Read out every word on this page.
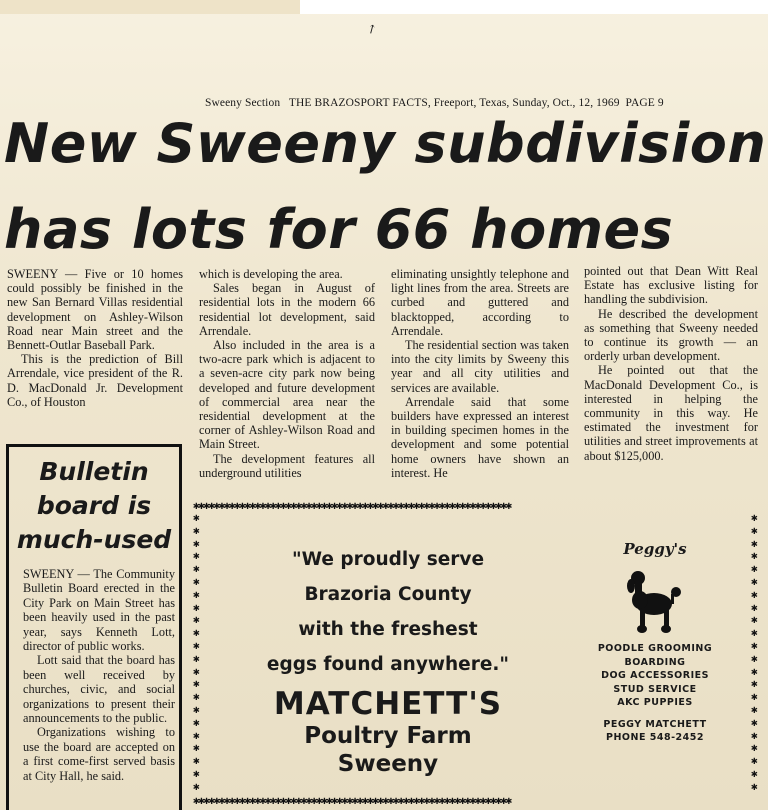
↗
Sweeny Section THE BRAZOSPORT FACTS, Freeport, Texas, Sunday, Oct., 12, 1969 PAGE 9
New Sweeny subdivision
has lots for 66 homes

SWEENY — Five or 10 homes could possibly be finished in the new San Bernard Villas residential development on Ashley-Wilson Road near Main street and the Bennett-Outlar Baseball Park.

This is the prediction of Bill Arrendale, vice president of the R. D. MacDonald Jr. Development Co., of Houston

which is developing the area.

Sales began in August of residential lots in the modern 66 residential lot development, said Arrendale.

Also included in the area is a two-acre park which is adjacent to a seven-acre city park now being developed and future development of commercial area near the residential development at the corner of Ashley-Wilson Road and Main Street.

The development features all underground utilities

eliminating unsightly telephone and light lines from the area. Streets are curbed and guttered and blacktopped, according to Arrendale.

The residential section was taken into the city limits by Sweeny this year and all city utilities and services are available.

Arrendale said that some builders have expressed an interest in building specimen homes in the development and some potential home owners have shown an interest. He

pointed out that Dean Witt Real Estate has exclusive listing for handling the subdivision.

He described the development as something that Sweeny needed to continue its growth — an orderly urban development.

He pointed out that the MacDonald Development Co., is interested in helping the community in this way. He estimated the investment for utilities and street improvements at about $125,000.

Bulletin
board is
much-used

SWEENY — The Community Bulletin Board erected in the City Park on Main Street has been heavily used in the past year, says Kenneth Lott, director of public works.

Lott said that the board has been well received by churches, civic, and social organizations to present their announcements to the public.

Organizations wishing to use the board are accepted on a first come-first served basis at City Hall, he said.

✱✱✱✱✱✱✱✱✱✱✱✱✱✱✱✱✱✱✱✱✱✱✱✱✱✱✱✱✱✱✱✱✱✱✱✱✱✱✱✱✱✱✱✱✱✱✱✱✱✱✱✱✱✱✱✱✱✱✱✱✱✱
✱✱✱✱✱✱✱✱✱✱✱✱✱✱✱✱✱✱✱✱✱✱
✱✱✱✱✱✱✱✱✱✱✱✱✱✱✱✱✱✱✱✱✱✱
✱✱✱✱✱✱✱✱✱✱✱✱✱✱✱✱✱✱✱✱✱✱✱✱✱✱✱✱✱✱✱✱✱✱✱✱✱✱✱✱✱✱✱✱✱✱✱✱✱✱✱✱✱✱✱✱✱✱✱✱✱✱
"We proudly serve
Brazoria County
with the freshest
eggs found anywhere."
MATCHETT'S
Poultry Farm
Sweeny
Peggy's
POODLE GROOMING
BOARDING
DOG ACCESSORIES
STUD SERVICE
AKC PUPPIES
PEGGY MATCHETT
PHONE 548-2452
